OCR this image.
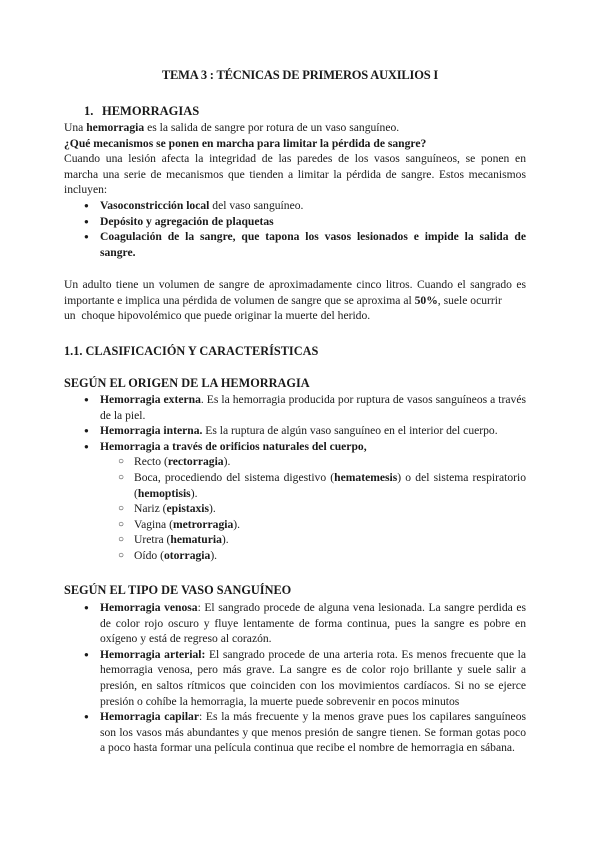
TEMA 3 : TÉCNICAS DE PRIMEROS AUXILIOS I
1. HEMORRAGIAS
Una hemorragia es la salida de sangre por rotura de un vaso sanguíneo.
¿Qué mecanismos se ponen en marcha para limitar la pérdida de sangre?
Cuando una lesión afecta la integridad de las paredes de los vasos sanguíneos, se ponen en
marcha una serie de mecanismos que tienden a limitar la pérdida de sangre. Estos mecanismos
incluyen:
● Vasoconstricción local del vaso sanguíneo.
● Depósito y agregación de plaquetas
● Coagulación de la sangre, que tapona los vasos lesionados e impide la salida de sangre.
Un adulto tiene un volumen de sangre de aproximadamente cinco litros. Cuando el sangrado es
importante e implica una pérdida de volumen de sangre que se aproxima al 50%, suele ocurrir
un  choque hipovolémico que puede originar la muerte del herido.
1.1. CLASIFICACIÓN Y CARACTERÍSTICAS
SEGÚN EL ORIGEN DE LA HEMORRAGIA
● Hemorragia externa. Es la hemorragia producida por ruptura de vasos sanguíneos a través de la piel.
● Hemorragia interna. Es la ruptura de algún vaso sanguíneo en el interior del cuerpo.
● Hemorragia a través de orificios naturales del cuerpo,
○ Recto (rectorragia).
○ Boca, procediendo del sistema digestivo (hematemesis) o del sistema respiratorio (hemoptisis).
○ Nariz (epistaxis).
○ Vagina (metrorragia).
○ Uretra (hematuria).
○ Oído (otorragia).
SEGÚN EL TIPO DE VASO SANGUÍNEO
● Hemorragia venosa: El sangrado procede de alguna vena lesionada. La sangre perdida es de color rojo oscuro y fluye lentamente de forma continua, pues la sangre es pobre en oxígeno y está de regreso al corazón.
● Hemorragia arterial: El sangrado procede de una arteria rota. Es menos frecuente que la hemorragia venosa, pero más grave. La sangre es de color rojo brillante y suele salir a presión, en saltos rítmicos que coinciden con los movimientos cardíacos. Si no se ejerce presión o cohíbe la hemorragia, la muerte puede sobrevenir en pocos minutos
● Hemorragia capilar: Es la más frecuente y la menos grave pues los capilares sanguíneos son los vasos más abundantes y que menos presión de sangre tienen. Se forman gotas poco a poco hasta formar una película continua que recibe el nombre de hemorragia en sábana.
